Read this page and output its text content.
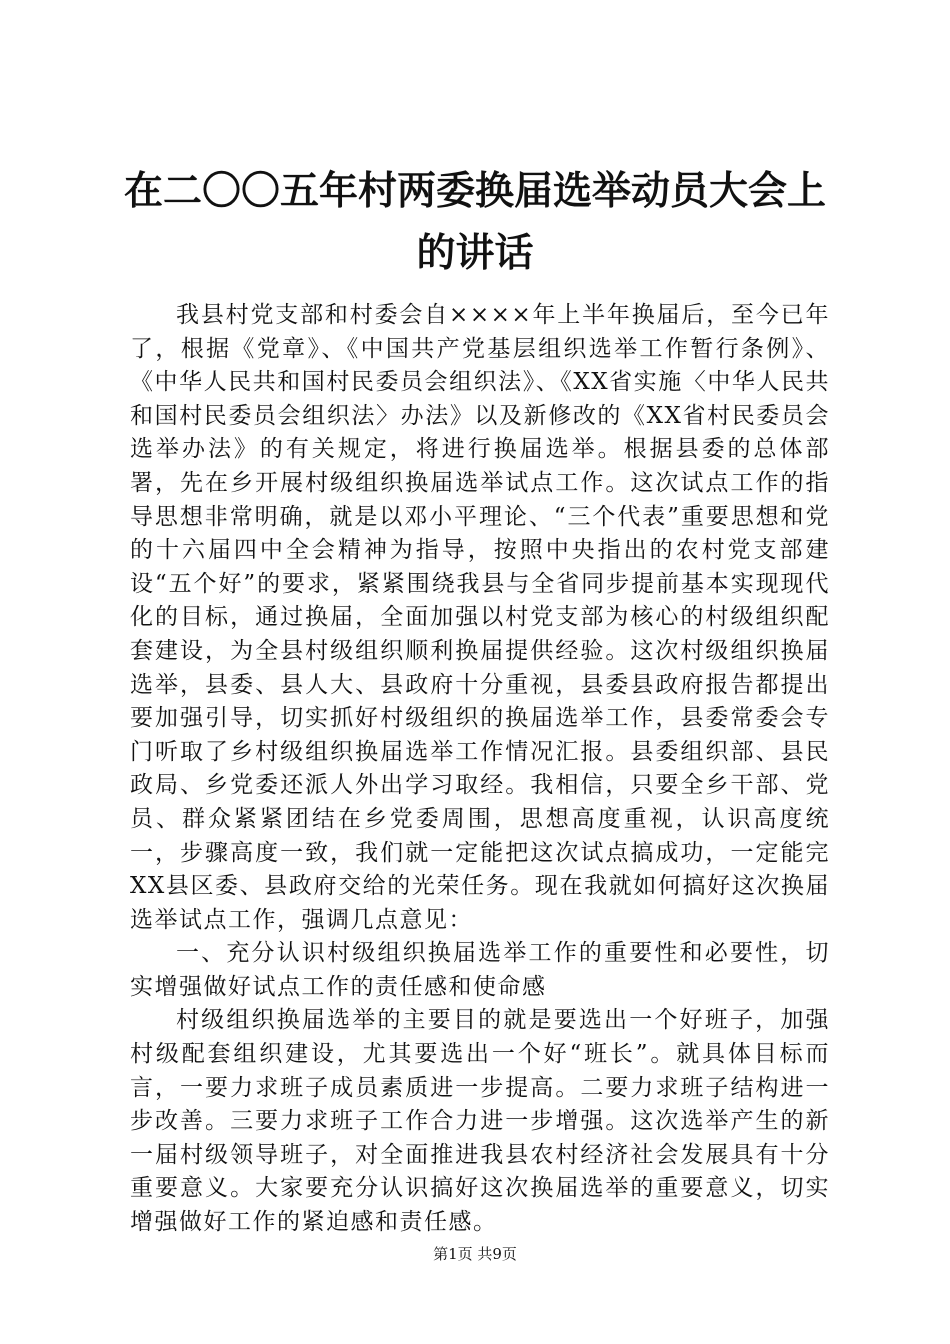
在二〇〇五年村两委换届选举动员大会上的讲话

我县村党支部和村委会自××××年上半年换届后，至今已年了，根据《党章》、《中国共产党基层组织选举工作暂行条例》、《中华人民共和国村民委员会组织法》、《XX省实施〈中华人民共和国村民委员会组织法〉办法》以及新修改的《XX省村民委员会选举办法》的有关规定，将进行换届选举。根据县委的总体部署，先在乡开展村级组织换届选举试点工作。这次试点工作的指导思想非常明确，就是以邓小平理论、“三个代表”重要思想和党的十六届四中全会精神为指导，按照中央指出的农村党支部建设“五个好”的要求，紧紧围绕我县与全省同步提前基本实现现代化的目标，通过换届，全面加强以村党支部为核心的村级组织配套建设，为全县村级组织顺利换届提供经验。这次村级组织换届选举，县委、县人大、县政府十分重视，县委县政府报告都提出要加强引导，切实抓好村级组织的换届选举工作，县委常委会专门听取了乡村级组织换届选举工作情况汇报。县委组织部、县民政局、乡党委还派人外出学习取经。我相信，只要全乡干部、党员、群众紧紧团结在乡党委周围，思想高度重视，认识高度统一，步骤高度一致，我们就一定能把这次试点搞成功，一定能完XX县区委、县政府交给的光荣任务。现在我就如何搞好这次换届选举试点工作，强调几点意见：

一、充分认识村级组织换届选举工作的重要性和必要性，切实增强做好试点工作的责任感和使命感

村级组织换届选举的主要目的就是要选出一个好班子，加强村级配套组织建设，尤其要选出一个好“班长”。就具体目标而言，一要力求班子成员素质进一步提高。二要力求班子结构进一步改善。三要力求班子工作合力进一步增强。这次选举产生的新一届村级领导班子，对全面推进我县农村经济社会发展具有十分重要意义。大家要充分认识搞好这次换届选举的重要意义，切实增强做好工作的紧迫感和责任感。

第1页 共9页
